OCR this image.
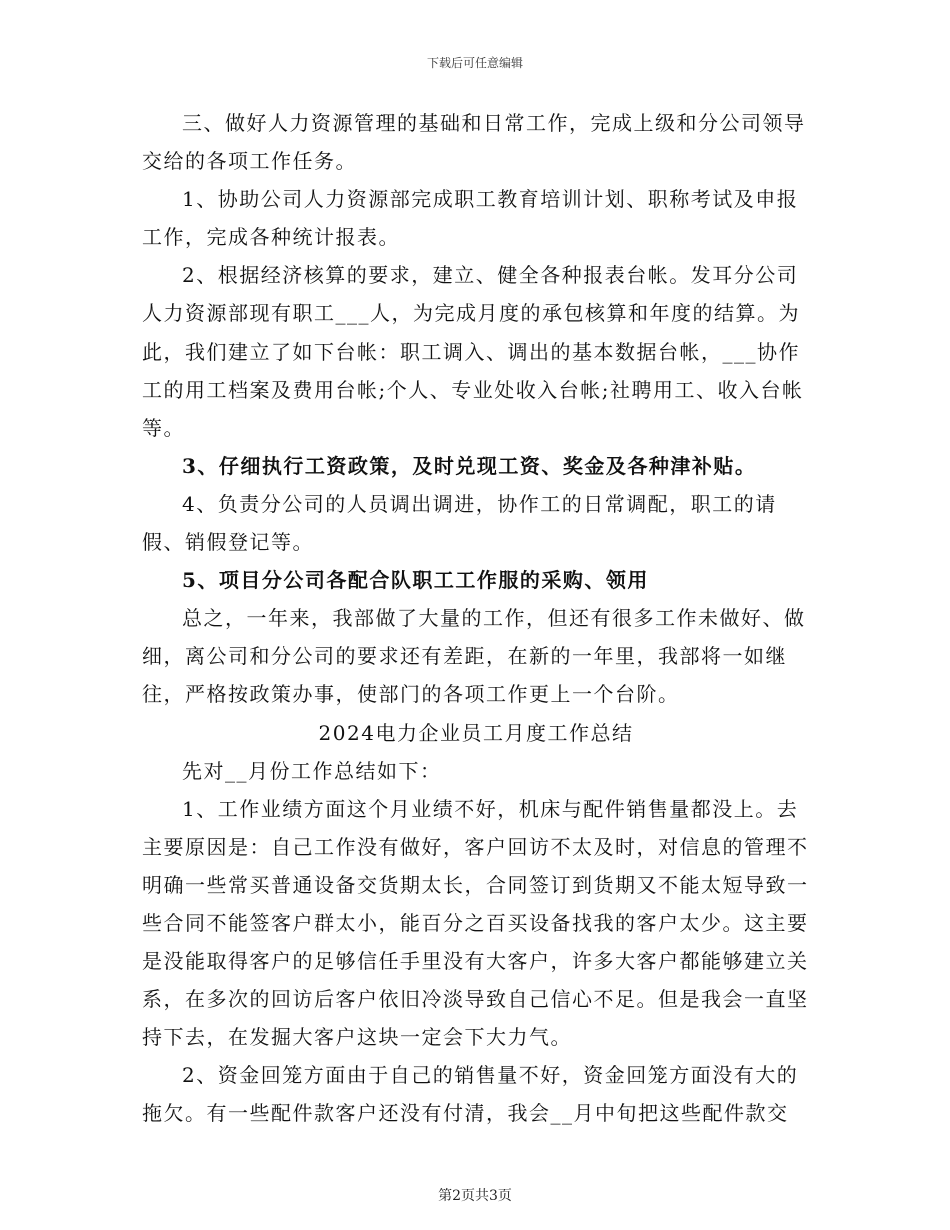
下载后可任意编辑

三、做好人力资源管理的基础和日常工作，完成上级和分公司领导交给的各项工作任务。

1、协助公司人力资源部完成职工教育培训计划、职称考试及申报工作，完成各种统计报表。

2、根据经济核算的要求，建立、健全各种报表台帐。发耳分公司人力资源部现有职工___人，为完成月度的承包核算和年度的结算。为此，我们建立了如下台帐：职工调入、调出的基本数据台帐，___协作工的用工档案及费用台帐;个人、专业处收入台帐;社聘用工、收入台帐等。

3、仔细执行工资政策，及时兑现工资、奖金及各种津补贴。

4、负责分公司的人员调出调进，协作工的日常调配，职工的请假、销假登记等。

5、项目分公司各配合队职工工作服的采购、领用

总之，一年来，我部做了大量的工作，但还有很多工作未做好、做细，离公司和分公司的要求还有差距，在新的一年里，我部将一如继往，严格按政策办事，使部门的各项工作更上一个台阶。

2024电力企业员工月度工作总结

先对__月份工作总结如下：

1、工作业绩方面这个月业绩不好，机床与配件销售量都没上。去主要原因是：自己工作没有做好，客户回访不太及时，对信息的管理不明确一些常买普通设备交货期太长，合同签订到货期又不能太短导致一些合同不能签客户群太小，能百分之百买设备找我的客户太少。这主要是没能取得客户的足够信任手里没有大客户，许多大客户都能够建立关系，在多次的回访后客户依旧冷淡导致自己信心不足。但是我会一直坚持下去，在发掘大客户这块一定会下大力气。

2、资金回笼方面由于自己的销售量不好，资金回笼方面没有大的拖欠。有一些配件款客户还没有付清，我会__月中旬把这些配件款交

第2页共3页
